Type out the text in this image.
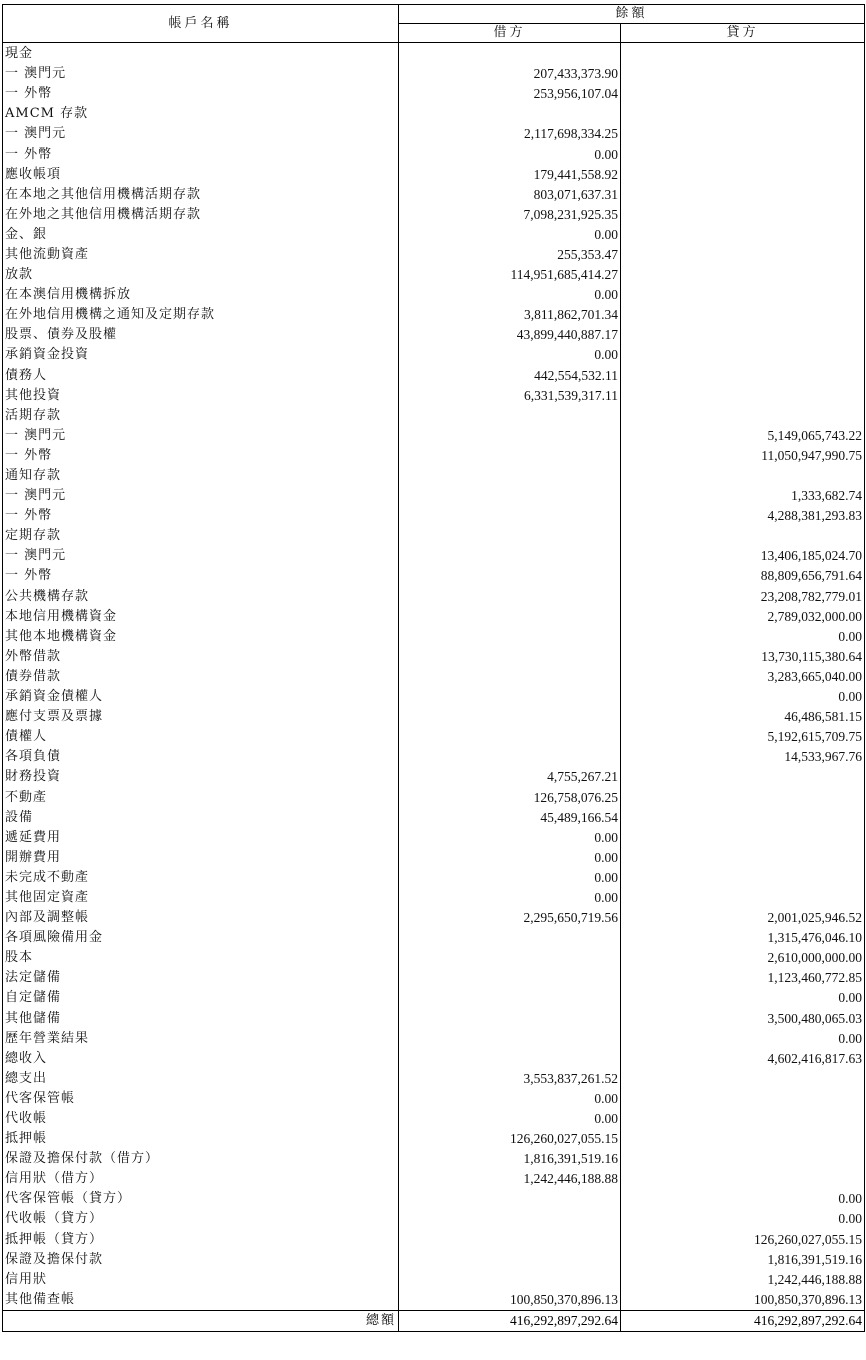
帳戶名稱	餘額	
	借方	貸方
現金		
一 澳門元	207,433,373.90	
一 外幣	253,956,107.04	
AMCM 存款		
一 澳門元	2,117,698,334.25	
一 外幣	0.00	
應收帳項	179,441,558.92	
在本地之其他信用機構活期存款	803,071,637.31	
在外地之其他信用機構活期存款	7,098,231,925.35	
金、銀	0.00	
其他流動資產	255,353.47	
放款	114,951,685,414.27	
在本澳信用機構拆放	0.00	
在外地信用機構之通知及定期存款	3,811,862,701.34	
股票、債券及股權	43,899,440,887.17	
承銷資金投資	0.00	
債務人	442,554,532.11	
其他投資	6,331,539,317.11	
活期存款		
一 澳門元		5,149,065,743.22
一 外幣		11,050,947,990.75
通知存款		
一 澳門元		1,333,682.74
一 外幣		4,288,381,293.83
定期存款		
一 澳門元		13,406,185,024.70
一 外幣		88,809,656,791.64
公共機構存款		23,208,782,779.01
本地信用機構資金		2,789,032,000.00
其他本地機構資金		0.00
外幣借款		13,730,115,380.64
債券借款		3,283,665,040.00
承銷資金債權人		0.00
應付支票及票據		46,486,581.15
債權人		5,192,615,709.75
各項負債		14,533,967.76
財務投資	4,755,267.21	
不動產	126,758,076.25	
設備	45,489,166.54	
遞延費用	0.00	
開辦費用	0.00	
未完成不動產	0.00	
其他固定資產	0.00	
內部及調整帳	2,295,650,719.56	2,001,025,946.52
各項風險備用金		1,315,476,046.10
股本		2,610,000,000.00
法定儲備		1,123,460,772.85
自定儲備		0.00
其他儲備		3,500,480,065.03
歷年營業結果		0.00
總收入		4,602,416,817.63
總支出	3,553,837,261.52	
代客保管帳	0.00	
代收帳	0.00	
抵押帳	126,260,027,055.15	
保證及擔保付款（借方）	1,816,391,519.16	
信用狀（借方）	1,242,446,188.88	
代客保管帳（貸方）		0.00
代收帳（貸方）		0.00
抵押帳（貸方）		126,260,027,055.15
保證及擔保付款		1,816,391,519.16
信用狀		1,242,446,188.88
其他備查帳	100,850,370,896.13	100,850,370,896.13
總額	416,292,897,292.64	416,292,897,292.64
